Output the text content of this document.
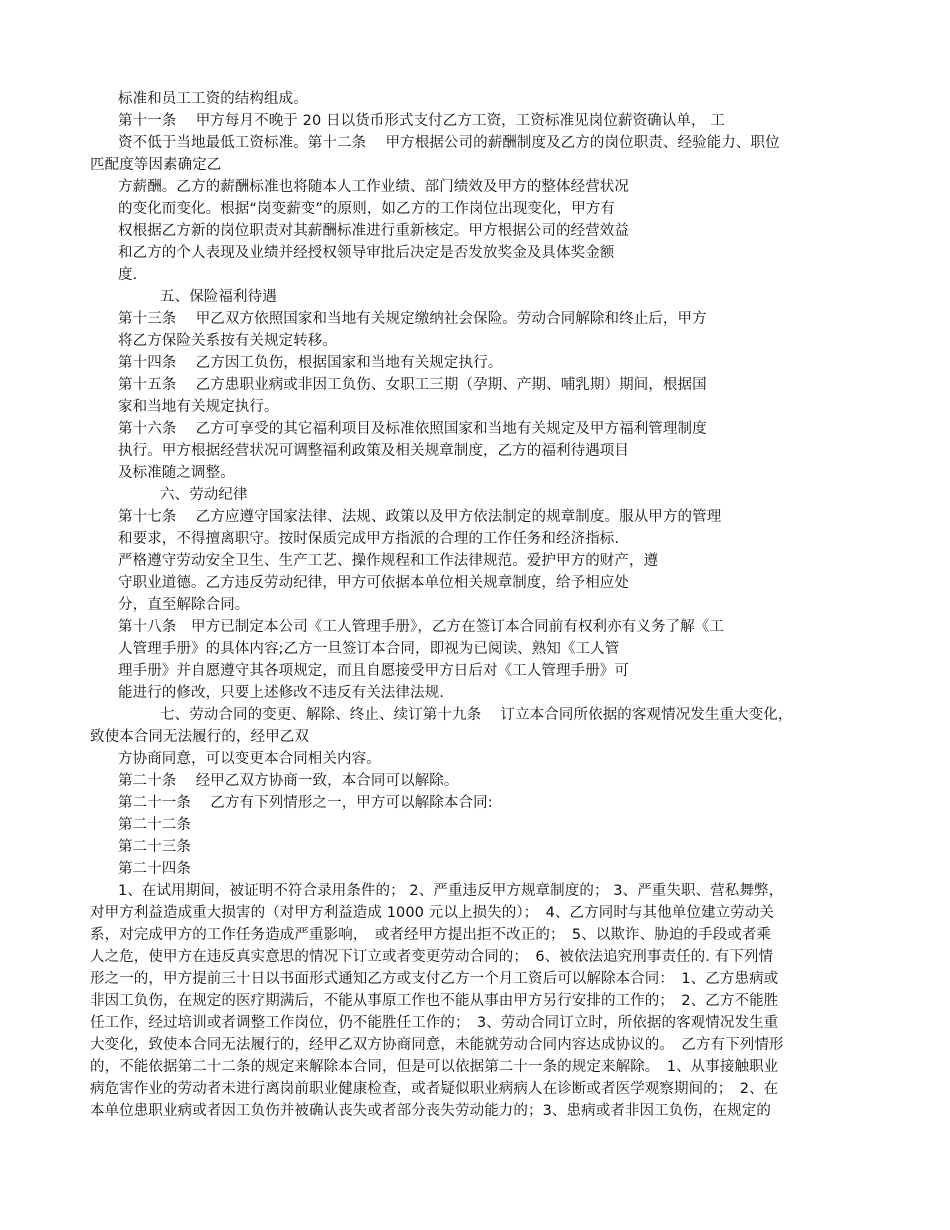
标准和员工工资的结构组成。
第十一条　 甲方每月不晚于 20 日以货币形式支付乙方工资，工资标准见岗位薪资确认单， 工
资不低于当地最低工资标准。第十二条　 甲方根据公司的薪酬制度及乙方的岗位职责、经验能力、职位
匹配度等因素确定乙
方薪酬。乙方的薪酬标准也将随本人工作业绩、部门绩效及甲方的整体经营状况
的变化而变化。根据“岗变薪变”的原则，如乙方的工作岗位出现变化，甲方有
权根据乙方新的岗位职责对其薪酬标准进行重新核定。甲方根据公司的经营效益
和乙方的个人表现及业绩并经授权领导审批后决定是否发放奖金及具体奖金额
度.
五、保险福利待遇
第十三条　 甲乙双方依照国家和当地有关规定缴纳社会保险。劳动合同解除和终止后，甲方
将乙方保险关系按有关规定转移。
第十四条　 乙方因工负伤，根据国家和当地有关规定执行。
第十五条　 乙方患职业病或非因工负伤、女职工三期（孕期、产期、哺乳期）期间，根据国
家和当地有关规定执行。
第十六条　 乙方可享受的其它福利项目及标准依照国家和当地有关规定及甲方福利管理制度
执行。甲方根据经营状况可调整福利政策及相关规章制度，乙方的福利待遇项目
及标准随之调整。
六、劳动纪律
第十七条　 乙方应遵守国家法律、法规、政策以及甲方依法制定的规章制度。服从甲方的管理
和要求，不得擅离职守。按时保质完成甲方指派的合理的工作任务和经济指标.
严格遵守劳动安全卫生、生产工艺、操作规程和工作法律规范。爱护甲方的财产，遵
守职业道德。乙方违反劳动纪律，甲方可依据本单位相关规章制度，给予相应处
分，直至解除合同。
第十八条　甲方已制定本公司《工人管理手册》，乙方在签订本合同前有权利亦有义务了解《工
人管理手册》的具体内容;乙方一旦签订本合同，即视为已阅读、熟知《工人管
理手册》并自愿遵守其各项规定，而且自愿接受甲方日后对《工人管理手册》可
能进行的修改，只要上述修改不违反有关法律法规.
七、劳动合同的变更、解除、终止、续订第十九条　 订立本合同所依据的客观情况发生重大变化，
致使本合同无法履行的，经甲乙双
方协商同意，可以变更本合同相关内容。
第二十条　 经甲乙双方协商一致，本合同可以解除。
第二十一条　 乙方有下列情形之一，甲方可以解除本合同:
第二十二条
第二十三条
第二十四条
1、在试用期间，被证明不符合录用条件的； 2、严重违反甲方规章制度的； 3、严重失职、营私舞弊，
对甲方利益造成重大损害的（对甲方利益造成 1000 元以上损失的）；　4、乙方同时与其他单位建立劳动关
系，对完成甲方的工作任务造成严重影响，　或者经甲方提出拒不改正的；　5、以欺诈、胁迫的手段或者乘
人之危，使甲方在违反真实意思的情况下订立或者变更劳动合同的；　6、被依法追究刑事责任的. 有下列情
形之一的，甲方提前三十日以书面形式通知乙方或支付乙方一个月工资后可以解除本合同：　1、乙方患病或
非因工负伤，在规定的医疗期满后，不能从事原工作也不能从事由甲方另行安排的工作的；　2、乙方不能胜
任工作，经过培训或者调整工作岗位，仍不能胜任工作的；　3、劳动合同订立时，所依据的客观情况发生重
大变化，致使本合同无法履行的，经甲乙双方协商同意，未能就劳动合同内容达成协议的。　乙方有下列情形
的，不能依据第二十二条的规定来解除本合同，但是可以依据第二十一条的规定来解除。　1、从事接触职业
病危害作业的劳动者未进行离岗前职业健康检查，或者疑似职业病病人在诊断或者医学观察期间的；　2、在
本单位患职业病或者因工负伤并被确认丧失或者部分丧失劳动能力的；3、患病或者非因工负伤，在规定的
